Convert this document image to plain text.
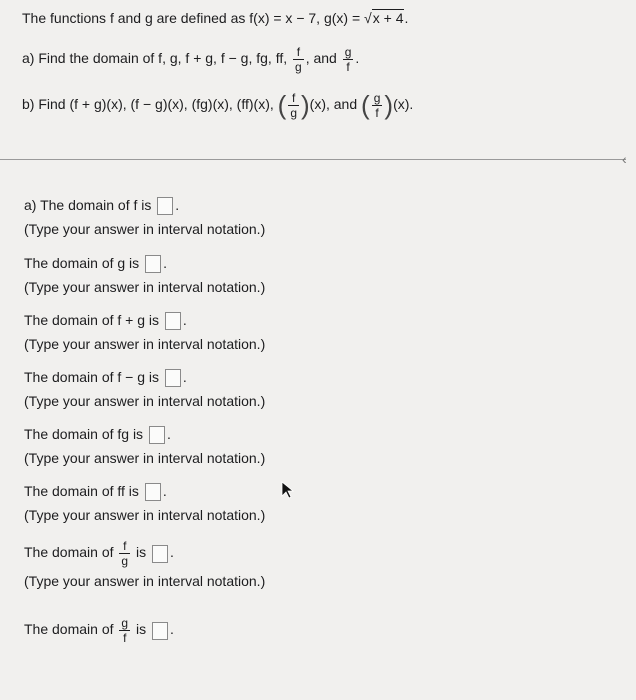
The functions f and g are defined as f(x) = x − 7, g(x) = √x + 4.
a) Find the domain of f, g, f + g, f − g, fg, ff, $\frac{f}{g}$ , and $\frac{g}{f}$ .
b) Find (f + g)(x), (f − g)(x), (fg)(x), (ff)(x), ( $\frac{f}{g} )(x)$, and ( $\frac{g}{f} )(x)$.
‹
a) The domain of f is .
(Type your answer in interval notation.)
The domain of g is .
(Type your answer in interval notation.)
The domain of f + g is .
(Type your answer in interval notation.)
The domain of f − g is .
(Type your answer in interval notation.)
The domain of fg is .
(Type your answer in interval notation.)
The domain of ff is .
(Type your answer in interval notation.)
The domain of $\frac{f}{g}$ is .
(Type your answer in interval notation.)
The domain of $\frac{g}{f}$ is .
